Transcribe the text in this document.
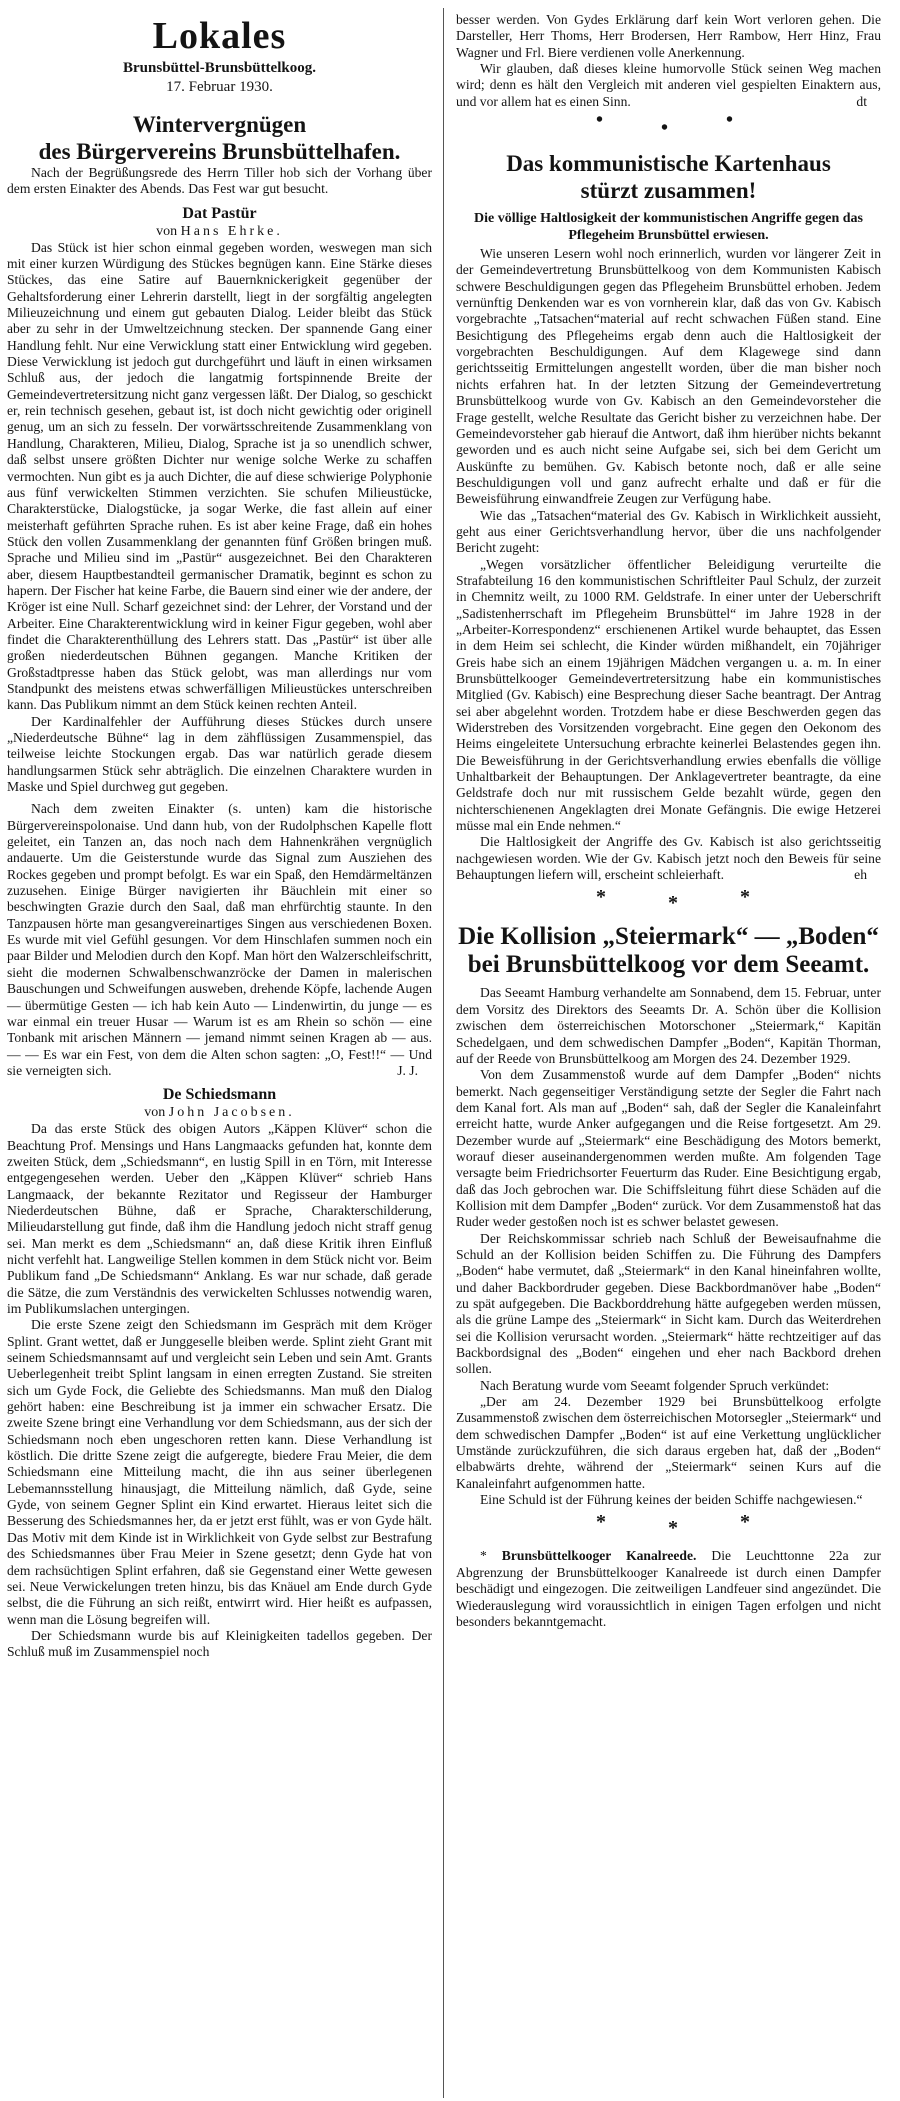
Lokales
Brunsbüttel-Brunsbüttelkoog.
17. Februar 1930.
Wintervergnügen
des Bürgervereins Brunsbüttelhafen.

Nach der Begrüßungsrede des Herrn Tiller hob sich der Vorhang über dem ersten Einakter des Abends. Das Fest war gut besucht.

Dat Pastür
von Hans Ehrke.

Das Stück ist hier schon einmal gegeben worden, weswegen man sich mit einer kurzen Würdigung des Stückes begnügen kann. Eine Stärke dieses Stückes, das eine Satire auf Bauernknickerigkeit gegenüber der Gehaltsforderung einer Lehrerin darstellt, liegt in der sorgfältig angelegten Milieuzeichnung und einem gut gebauten Dialog. Leider bleibt das Stück aber zu sehr in der Umweltzeichnung stecken. Der spannende Gang einer Handlung fehlt. Nur eine Verwicklung statt einer Entwicklung wird gegeben. Diese Verwicklung ist jedoch gut durchgeführt und läuft in einen wirksamen Schluß aus, der jedoch die langatmig fortspinnende Breite der Gemeindevertretersitzung nicht ganz vergessen läßt. Der Dialog, so geschickt er, rein technisch gesehen, gebaut ist, ist doch nicht gewichtig oder originell genug, um an sich zu fesseln. Der vorwärtsschreitende Zusammenklang von Handlung, Charakteren, Milieu, Dialog, Sprache ist ja so unendlich schwer, daß selbst unsere größten Dichter nur wenige solche Werke zu schaffen vermochten. Nun gibt es ja auch Dichter, die auf diese schwierige Polyphonie aus fünf verwickelten Stimmen verzichten. Sie schufen Milieustücke, Charakterstücke, Dialogstücke, ja sogar Werke, die fast allein auf einer meisterhaft geführten Sprache ruhen. Es ist aber keine Frage, daß ein hohes Stück den vollen Zusammenklang der genannten fünf Größen bringen muß. Sprache und Milieu sind im „Pastür“ ausgezeichnet. Bei den Charakteren aber, diesem Hauptbestandteil germanischer Dramatik, beginnt es schon zu hapern. Der Fischer hat keine Farbe, die Bauern sind einer wie der andere, der Kröger ist eine Null. Scharf gezeichnet sind: der Lehrer, der Vorstand und der Arbeiter. Eine Charakterentwicklung wird in keiner Figur gegeben, wohl aber findet die Charakterenthüllung des Lehrers statt. Das „Pastür“ ist über alle großen niederdeutschen Bühnen gegangen. Manche Kritiken der Großstadtpresse haben das Stück gelobt, was man allerdings nur vom Standpunkt des meistens etwas schwerfälligen Milieustückes unterschreiben kann. Das Publikum nimmt an dem Stück keinen rechten Anteil.

Der Kardinalfehler der Aufführung dieses Stückes durch unsere „Niederdeutsche Bühne“ lag in dem zähflüssigen Zusammenspiel, das teilweise leichte Stockungen ergab. Das war natürlich gerade diesem handlungsarmen Stück sehr abträglich. Die einzelnen Charaktere wurden in Maske und Spiel durchweg gut gegeben.

Nach dem zweiten Einakter (s. unten) kam die historische Bürgervereinspolonaise. Und dann hub, von der Rudolphschen Kapelle flott geleitet, ein Tanzen an, das noch nach dem Hahnenkrähen vergnüglich andauerte. Um die Geisterstunde wurde das Signal zum Ausziehen des Rockes gegeben und prompt befolgt. Es war ein Spaß, den Hemdärmeltänzen zuzusehen. Einige Bürger navigierten ihr Bäuchlein mit einer so beschwingten Grazie durch den Saal, daß man ehrfürchtig staunte. In den Tanzpausen hörte man gesangvereinartiges Singen aus verschiedenen Boxen. Es wurde mit viel Gefühl gesungen. Vor dem Hinschlafen summen noch ein paar Bilder und Melodien durch den Kopf. Man hört den Walzerschleifschritt, sieht die modernen Schwalbenschwanzröcke der Damen in malerischen Bauschungen und Schweifungen ausweben, drehende Köpfe, lachende Augen — übermütige Gesten — ich hab kein Auto — Lindenwirtin, du junge — es war einmal ein treuer Husar — Warum ist es am Rhein so schön — eine Tonbank mit arischen Männern — jemand nimmt seinen Kragen ab — aus. — — Es war ein Fest, von dem die Alten schon sagten: „O, Fest!!“ — Und sie verneigten sich.	J. J.

De Schiedsmann
von John Jacobsen.

Da das erste Stück des obigen Autors „Käppen Klüver“ schon die Beachtung Prof. Mensings und Hans Langmaacks gefunden hat, konnte dem zweiten Stück, dem „Schiedsmann“, en lustig Spill in en Törn, mit Interesse entgegengesehen werden. Ueber den „Käppen Klüver“ schrieb Hans Langmaack, der bekannte Rezitator und Regisseur der Hamburger Niederdeutschen Bühne, daß er Sprache, Charakterschilderung, Milieudarstellung gut finde, daß ihm die Handlung jedoch nicht straff genug sei. Man merkt es dem „Schiedsmann“ an, daß diese Kritik ihren Einfluß nicht verfehlt hat. Langweilige Stellen kommen in dem Stück nicht vor. Beim Publikum fand „De Schiedsmann“ Anklang. Es war nur schade, daß gerade die Sätze, die zum Verständnis des verwickelten Schlusses notwendig waren, im Publikumslachen untergingen.

Die erste Szene zeigt den Schiedsmann im Gespräch mit dem Kröger Splint. Grant wettet, daß er Junggeselle bleiben werde. Splint zieht Grant mit seinem Schiedsmannsamt auf und vergleicht sein Leben und sein Amt. Grants Ueberlegenheit treibt Splint langsam in einen erregten Zustand. Sie streiten sich um Gyde Fock, die Geliebte des Schiedsmanns. Man muß den Dialog gehört haben: eine Beschreibung ist ja immer ein schwacher Ersatz. Die zweite Szene bringt eine Verhandlung vor dem Schiedsmann, aus der sich der Schiedsmann noch eben ungeschoren retten kann. Diese Verhandlung ist köstlich. Die dritte Szene zeigt die aufgeregte, biedere Frau Meier, die dem Schiedsmann eine Mitteilung macht, die ihn aus seiner überlegenen Lebemannsstellung hinausjagt, die Mitteilung nämlich, daß Gyde, seine Gyde, von seinem Gegner Splint ein Kind erwartet. Hieraus leitet sich die Besserung des Schiedsmannes her, da er jetzt erst fühlt, was er von Gyde hält. Das Motiv mit dem Kinde ist in Wirklichkeit von Gyde selbst zur Bestrafung des Schiedsmannes über Frau Meier in Szene gesetzt; denn Gyde hat von dem rachsüchtigen Splint erfahren, daß sie Gegenstand einer Wette gewesen sei. Neue Verwickelungen treten hinzu, bis das Knäuel am Ende durch Gyde selbst, die die Führung an sich reißt, entwirrt wird. Hier heißt es aufpassen, wenn man die Lösung begreifen will.

Der Schiedsmann wurde bis auf Kleinigkeiten tadellos gegeben. Der Schluß muß im Zusammenspiel noch

besser werden. Von Gydes Erklärung darf kein Wort verloren gehen. Die Darsteller, Herr Thoms, Herr Brodersen, Herr Rambow, Herr Hinz, Frau Wagner und Frl. Biere verdienen volle Anerkennung.

Wir glauben, daß dieses kleine humorvolle Stück seinen Weg machen wird; denn es hält den Vergleich mit anderen viel gespielten Einaktern aus, und vor allem hat es einen Sinn.	dt

•	•	•
Das kommunistische Kartenhaus
stürzt zusammen!
Die völlige Haltlosigkeit der kommunistischen Angriffe gegen das Pflegeheim Brunsbüttel erwiesen.

Wie unseren Lesern wohl noch erinnerlich, wurden vor längerer Zeit in der Gemeindevertretung Brunsbüttelkoog von dem Kommunisten Kabisch schwere Beschuldigungen gegen das Pflegeheim Brunsbüttel erhoben. Jedem vernünftig Denkenden war es von vornherein klar, daß das von Gv. Kabisch vorgebrachte „Tatsachen“material auf recht schwachen Füßen stand. Eine Besichtigung des Pflegeheims ergab denn auch die Haltlosigkeit der vorgebrachten Beschuldigungen. Auf dem Klagewege sind dann gerichtsseitig Ermittelungen angestellt worden, über die man bisher noch nichts erfahren hat. In der letzten Sitzung der Gemeindevertretung Brunsbüttelkoog wurde von Gv. Kabisch an den Gemeindevorsteher die Frage gestellt, welche Resultate das Gericht bisher zu verzeichnen habe. Der Gemeindevorsteher gab hierauf die Antwort, daß ihm hierüber nichts bekannt geworden und es auch nicht seine Aufgabe sei, sich bei dem Gericht um Auskünfte zu bemühen. Gv. Kabisch betonte noch, daß er alle seine Beschuldigungen voll und ganz aufrecht erhalte und daß er für die Beweisführung einwandfreie Zeugen zur Verfügung habe.

Wie das „Tatsachen“material des Gv. Kabisch in Wirklichkeit aussieht, geht aus einer Gerichtsverhandlung hervor, über die uns nachfolgender Bericht zugeht:

„Wegen vorsätzlicher öffentlicher Beleidigung verurteilte die Strafabteilung 16 den kommunistischen Schriftleiter Paul Schulz, der zurzeit in Chemnitz weilt, zu 1000 RM. Geldstrafe. In einer unter der Ueberschrift „Sadistenherrschaft im Pflegeheim Brunsbüttel“ im Jahre 1928 in der „Arbeiter-Korrespondenz“ erschienenen Artikel wurde behauptet, das Essen in dem Heim sei schlecht, die Kinder würden mißhandelt, ein 70jähriger Greis habe sich an einem 19jährigen Mädchen vergangen u. a. m. In einer Brunsbüttelkooger Gemeindevertretersitzung habe ein kommunistisches Mitglied (Gv. Kabisch) eine Besprechung dieser Sache beantragt. Der Antrag sei aber abgelehnt worden. Trotzdem habe er diese Beschwerden gegen das Widerstreben des Vorsitzenden vorgebracht. Eine gegen den Oekonom des Heims eingeleitete Untersuchung erbrachte keinerlei Belastendes gegen ihn. Die Beweisführung in der Gerichtsverhandlung erwies ebenfalls die völlige Unhaltbarkeit der Behauptungen. Der Anklagevertreter beantragte, da eine Geldstrafe doch nur mit russischem Gelde bezahlt würde, gegen den nichterschienenen Angeklagten drei Monate Gefängnis. Die ewige Hetzerei müsse mal ein Ende nehmen.“

Die Haltlosigkeit der Angriffe des Gv. Kabisch ist also gerichtsseitig nachgewiesen worden. Wie der Gv. Kabisch jetzt noch den Beweis für seine Behauptungen liefern will, erscheint schleierhaft.	eh

*	*	*
Die Kollision „Steiermark“ — „Boden“
bei Brunsbüttelkoog vor dem Seeamt.

Das Seeamt Hamburg verhandelte am Sonnabend, dem 15. Februar, unter dem Vorsitz des Direktors des Seeamts Dr. A. Schön über die Kollision zwischen dem österreichischen Motorschoner „Steiermark,“ Kapitän Schedelgaen, und dem schwedischen Dampfer „Boden“, Kapitän Thorman, auf der Reede von Brunsbüttelkoog am Morgen des 24. Dezember 1929.

Von dem Zusammenstoß wurde auf dem Dampfer „Boden“ nichts bemerkt. Nach gegenseitiger Verständigung setzte der Segler die Fahrt nach dem Kanal fort. Als man auf „Boden“ sah, daß der Segler die Kanaleinfahrt erreicht hatte, wurde Anker aufgegangen und die Reise fortgesetzt. Am 29. Dezember wurde auf „Steiermark“ eine Beschädigung des Motors bemerkt, worauf dieser auseinandergenommen werden mußte. Am folgenden Tage versagte beim Friedrichsorter Feuerturm das Ruder. Eine Besichtigung ergab, daß das Joch gebrochen war. Die Schiffsleitung führt diese Schäden auf die Kollision mit dem Dampfer „Boden“ zurück. Vor dem Zusammenstoß hat das Ruder weder gestoßen noch ist es schwer belastet gewesen.

Der Reichskommissar schrieb nach Schluß der Beweisaufnahme die Schuld an der Kollision beiden Schiffen zu. Die Führung des Dampfers „Boden“ habe vermutet, daß „Steiermark“ in den Kanal hineinfahren wollte, und daher Backbordruder gegeben. Diese Backbordmanöver habe „Boden“ zu spät aufgegeben. Die Backborddrehung hätte aufgegeben werden müssen, als die grüne Lampe des „Steiermark“ in Sicht kam. Durch das Weiterdrehen sei die Kollision verursacht worden. „Steiermark“ hätte rechtzeitiger auf das Backbordsignal des „Boden“ eingehen und eher nach Backbord drehen sollen.

Nach Beratung wurde vom Seeamt folgender Spruch verkündet:

„Der am 24. Dezember 1929 bei Brunsbüttelkoog erfolgte Zusammenstoß zwischen dem österreichischen Motorsegler „Steiermark“ und dem schwedischen Dampfer „Boden“ ist auf eine Verkettung unglücklicher Umstände zurückzuführen, die sich daraus ergeben hat, daß der „Boden“ elbabwärts drehte, während der „Steiermark“ seinen Kurs auf die Kanaleinfahrt aufgenommen hatte.

Eine Schuld ist der Führung keines der beiden Schiffe nachgewiesen.“

*	*	*

* Brunsbüttelkooger Kanalreede. Die Leuchttonne 22a zur Abgrenzung der Brunsbüttelkooger Kanalreede ist durch einen Dampfer beschädigt und eingezogen. Die zeitweiligen Landfeuer sind angezündet. Die Wiederauslegung wird voraussichtlich in einigen Tagen erfolgen und nicht besonders bekanntgemacht.
